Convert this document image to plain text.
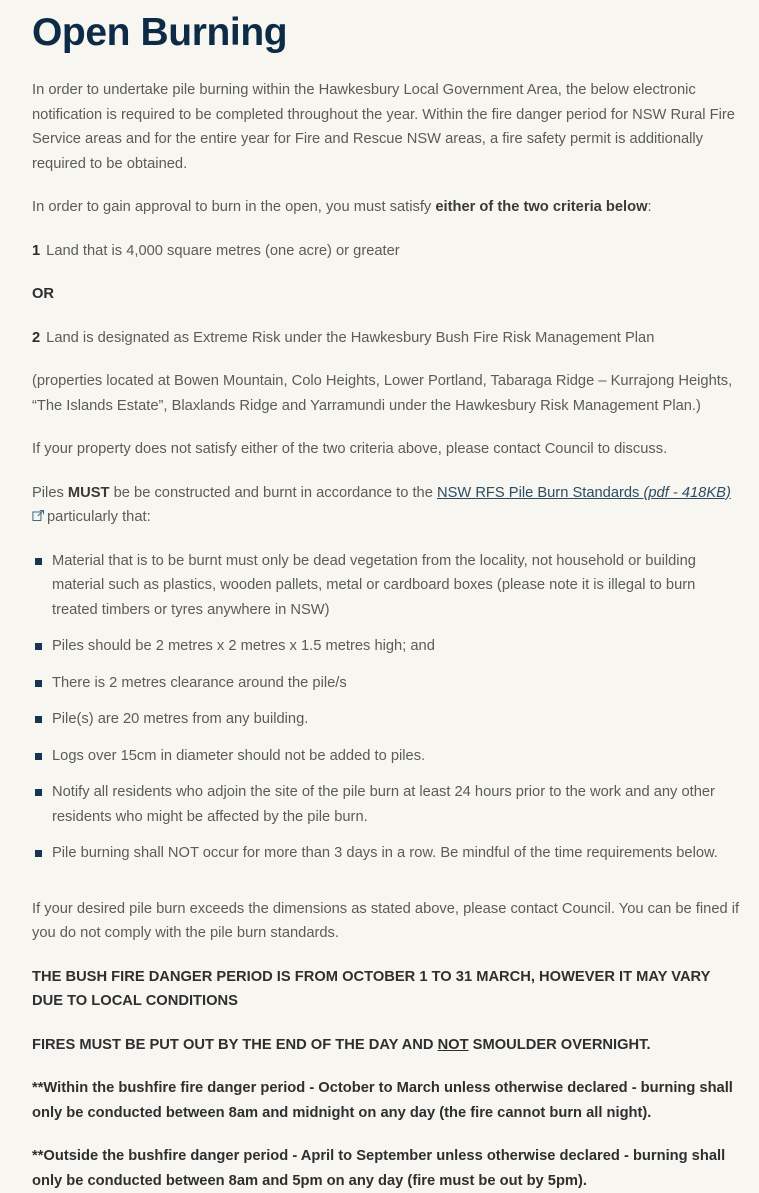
Open Burning

In order to undertake pile burning within the Hawkesbury Local Government Area, the below electronic notification is required to be completed throughout the year. Within the fire danger period for NSW Rural Fire Service areas and for the entire year for Fire and Rescue NSW areas, a fire safety permit is additionally required to be obtained.

In order to gain approval to burn in the open, you must satisfy either of the two criteria below:

1 Land that is 4,000 square metres (one acre) or greater

OR

2 Land is designated as Extreme Risk under the Hawkesbury Bush Fire Risk Management Plan

(properties located at Bowen Mountain, Colo Heights, Lower Portland, Tabaraga Ridge – Kurrajong Heights, “The Islands Estate”, Blaxlands Ridge and Yarramundi under the Hawkesbury Risk Management Plan.)

If your property does not satisfy either of the two criteria above, please contact Council to discuss.

Piles MUST be be constructed and burnt in accordance to the NSW RFS Pile Burn Standards (pdf - 418KB)
particularly that:

Material that is to be burnt must only be dead vegetation from the locality, not household or building material such as plastics, wooden pallets, metal or cardboard boxes (please note it is illegal to burn treated timbers or tyres anywhere in NSW)
Piles should be 2 metres x 2 metres x 1.5 metres high; and
There is 2 metres clearance around the pile/s
Pile(s) are 20 metres from any building.
Logs over 15cm in diameter should not be added to piles.
Notify all residents who adjoin the site of the pile burn at least 24 hours prior to the work and any other residents who might be affected by the pile burn.
Pile burning shall NOT occur for more than 3 days in a row. Be mindful of the time requirements below.

If your desired pile burn exceeds the dimensions as stated above, please contact Council. You can be fined if you do not comply with the pile burn standards.

THE BUSH FIRE DANGER PERIOD IS FROM OCTOBER 1 TO 31 MARCH, HOWEVER IT MAY VARY DUE TO LOCAL CONDITIONS

FIRES MUST BE PUT OUT BY THE END OF THE DAY AND NOT SMOULDER OVERNIGHT.

**Within the bushfire fire danger period - October to March unless otherwise declared - burning shall only be conducted between 8am and midnight on any day (the fire cannot burn all night).

**Outside the bushfire danger period - April to September unless otherwise declared - burning shall only be conducted between 8am and 5pm on any day (fire must be out by 5pm).
